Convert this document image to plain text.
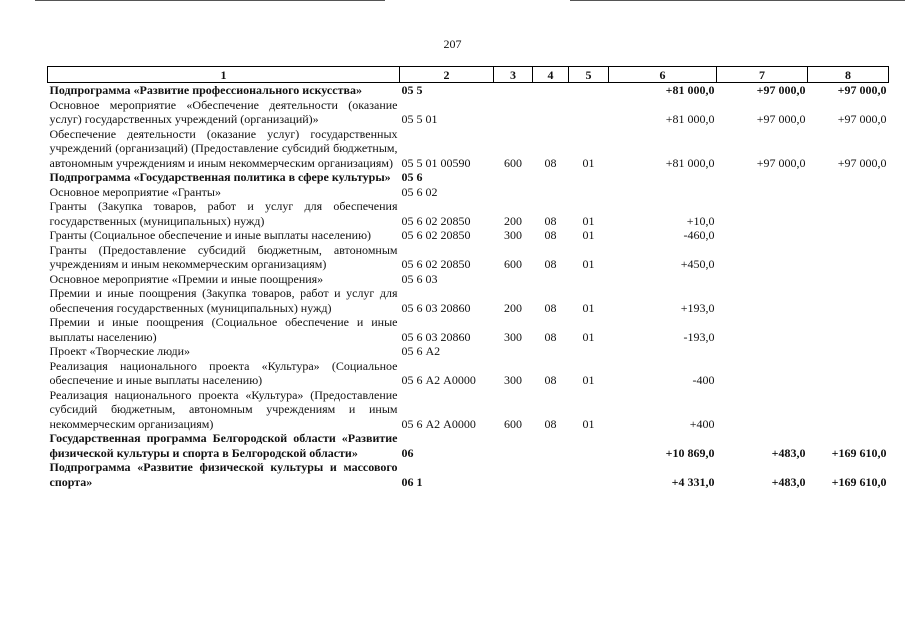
207
1	2	3	4	5	6	7	8
Подпрограмма «Развитие профессионального искусства»	05 5				+81 000,0	+97 000,0	+97 000,0
Основное мероприятие «Обеспечение деятельности (оказание услуг) государственных учреждений (организаций)»	05 5 01				+81 000,0	+97 000,0	+97 000,0
Обеспечение деятельности (оказание услуг) государственных учреждений (организаций) (Предоставление субсидий бюджетным, автономным учреждениям и иным некоммерческим организациям)	05 5 01 00590	600	08	01	+81 000,0	+97 000,0	+97 000,0
Подпрограмма «Государственная политика в сфере культуры»	05 6						
Основное мероприятие «Гранты»	05 6 02						
Гранты (Закупка товаров, работ и услуг для обеспечения государственных (муниципальных) нужд)	05 6 02 20850	200	08	01	+10,0		
Гранты (Социальное обеспечение и иные выплаты населению)	05 6 02 20850	300	08	01	-460,0		
Гранты (Предоставление субсидий бюджетным, автономным учреждениям и иным некоммерческим организациям)	05 6 02 20850	600	08	01	+450,0		
Основное мероприятие «Премии и иные поощрения»	05 6 03						
Премии и иные поощрения (Закупка товаров, работ и услуг для обеспечения государственных (муниципальных) нужд)	05 6 03 20860	200	08	01	+193,0		
Премии и иные поощрения (Социальное обеспечение и иные выплаты населению)	05 6 03 20860	300	08	01	-193,0		
Проект «Творческие люди»	05 6 А2						
Реализация национального проекта «Культура» (Социальное обеспечение и иные выплаты населению)	05 6 А2 А0000	300	08	01	-400		
Реализация национального проекта «Культура» (Предоставление субсидий бюджетным, автономным учреждениям и иным некоммерческим организациям)	05 6 А2 А0000	600	08	01	+400		
Государственная программа Белгородской области «Развитие физической культуры и спорта в Белгородской области»	06				+10 869,0	+483,0	+169 610,0
Подпрограмма «Развитие физической культуры и массового спорта»	06 1				+4 331,0	+483,0	+169 610,0
